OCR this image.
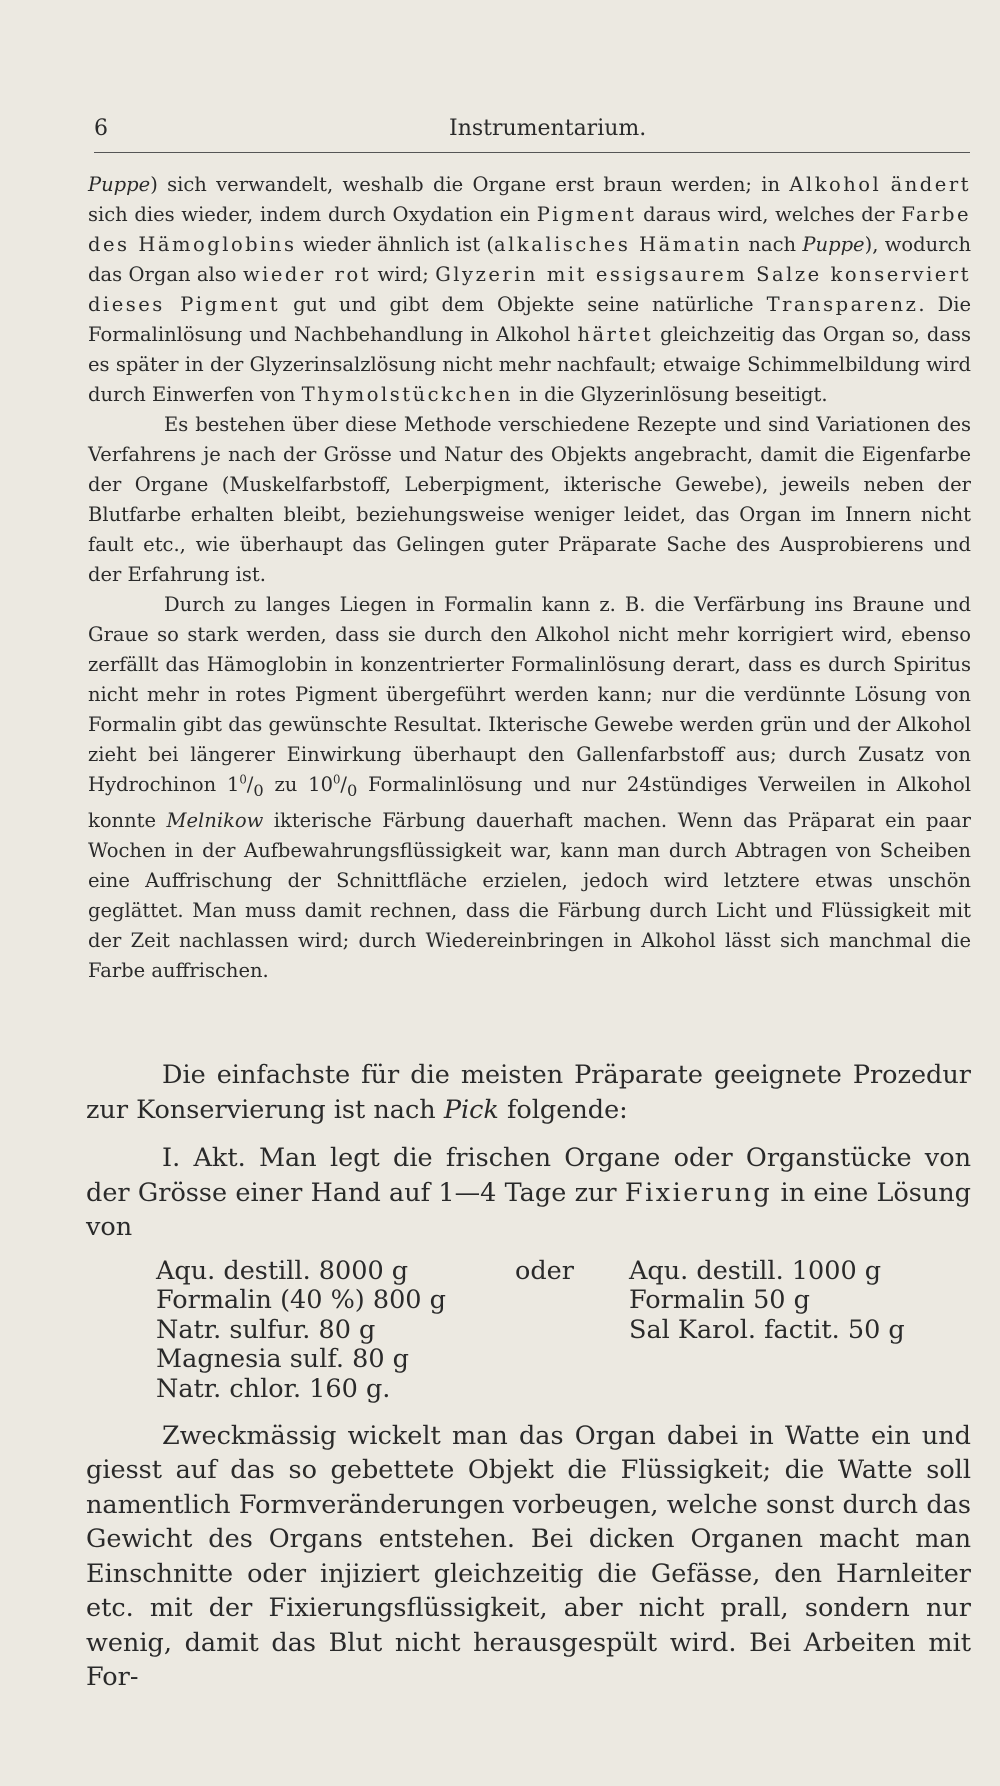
6	Instrumentarium.

Puppe) sich verwandelt, weshalb die Organe erst braun werden; in Alkohol ändert sich dies wieder, indem durch Oxydation ein Pigment daraus wird, welches der Farbe des Hämoglobins wieder ähnlich ist (alkalisches Hämatin nach Puppe), wodurch das Organ also wieder rot wird; Glyzerin mit essigsaurem Salze konserviert dieses Pigment gut und gibt dem Objekte seine natürliche Transparenz. Die Formalinlösung und Nachbehandlung in Alkohol härtet gleichzeitig das Organ so, dass es später in der Glyzerinsalzlösung nicht mehr nachfault; etwaige Schimmelbildung wird durch Einwerfen von Thymolstückchen in die Glyzerinlösung beseitigt.

Es bestehen über diese Methode verschiedene Rezepte und sind Variationen des Verfahrens je nach der Grösse und Natur des Objekts angebracht, damit die Eigenfarbe der Organe (Muskelfarbstoff, Leberpigment, ikterische Gewebe), jeweils neben der Blutfarbe erhalten bleibt, beziehungsweise weniger leidet, das Organ im Innern nicht fault etc., wie überhaupt das Gelingen guter Präparate Sache des Ausprobierens und der Erfahrung ist.

Durch zu langes Liegen in Formalin kann z. B. die Verfärbung ins Braune und Graue so stark werden, dass sie durch den Alkohol nicht mehr korrigiert wird, ebenso zerfällt das Hämoglobin in konzentrierter Formalinlösung derart, dass es durch Spiritus nicht mehr in rotes Pigment übergeführt werden kann; nur die verdünnte Lösung von Formalin gibt das gewünschte Resultat. Ikterische Gewebe werden grün und der Alkohol zieht bei längerer Einwirkung überhaupt den Gallenfarbstoff aus; durch Zusatz von Hydrochinon $1^0/_0$ zu $10^0/_0$ Formalinlösung und nur 24stündiges Verweilen in Alkohol konnte Melnikow ikterische Färbung dauerhaft machen. Wenn das Präparat ein paar Wochen in der Aufbewahrungsflüssigkeit war, kann man durch Abtragen von Scheiben eine Auffrischung der Schnittfläche erzielen, jedoch wird letztere etwas unschön geglättet. Man muss damit rechnen, dass die Färbung durch Licht und Flüssigkeit mit der Zeit nachlassen wird; durch Wiedereinbringen in Alkohol lässt sich manchmal die Farbe auffrischen.

Die einfachste für die meisten Präparate geeignete Prozedur zur Konservierung ist nach Pick folgende:

I. Akt. Man legt die frischen Organe oder Organstücke von der Grösse einer Hand auf 1—4 Tage zur Fixierung in eine Lösung von

Aqu. destill. 8000 g
Formalin (40 %) 800 g
Natr. sulfur. 80 g
Magnesia sulf. 80 g
Natr. chlor. 160 g.
oder Aqu. destill. 1000 g
Formalin 50 g
Sal Karol. factit. 50 g

Zweckmässig wickelt man das Organ dabei in Watte ein und giesst auf das so gebettete Objekt die Flüssigkeit; die Watte soll namentlich Formveränderungen vorbeugen, welche sonst durch das Gewicht des Organs entstehen. Bei dicken Organen macht man Einschnitte oder injiziert gleichzeitig die Gefässe, den Harnleiter etc. mit der Fixierungsflüssigkeit, aber nicht prall, sondern nur wenig, damit das Blut nicht herausgespült wird. Bei Arbeiten mit For-
